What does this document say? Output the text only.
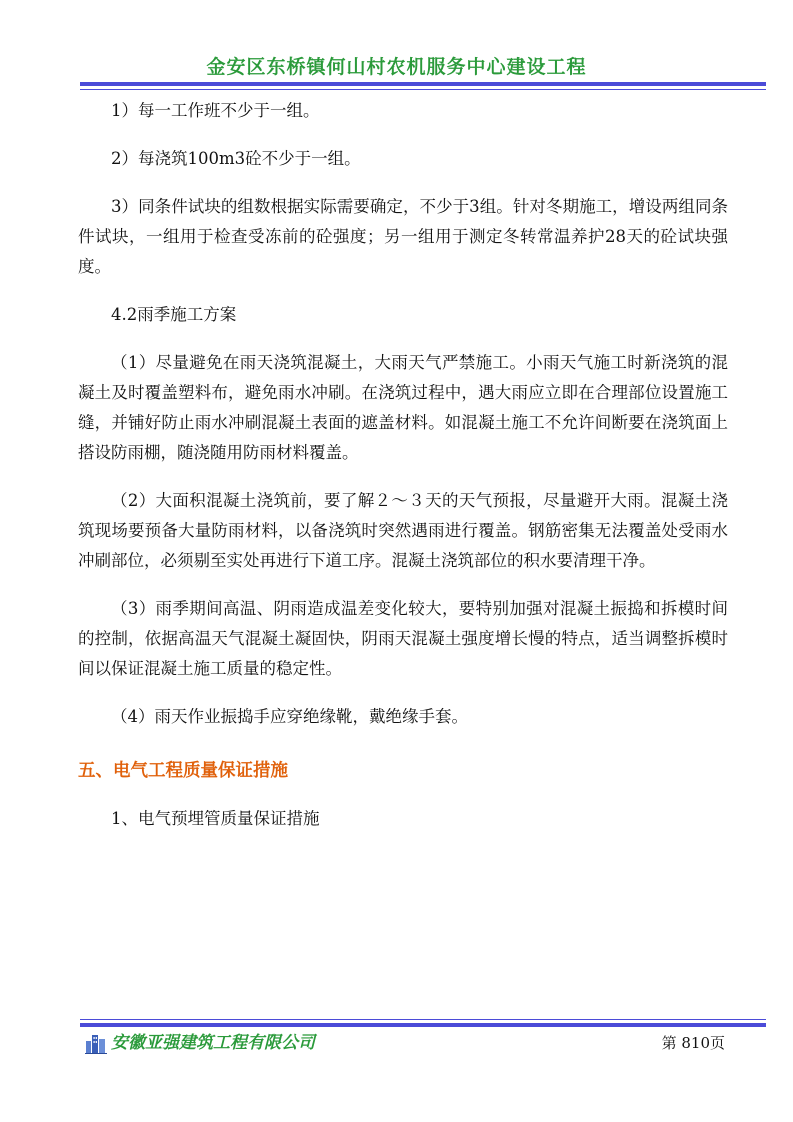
金安区东桥镇何山村农机服务中心建设工程

1）每一工作班不少于一组。

2）每浇筑100m3砼不少于一组。

3）同条件试块的组数根据实际需要确定，不少于3组。针对冬期施工，增设两组同条件试块，一组用于检查受冻前的砼强度；另一组用于测定冬转常温养护28天的砼试块强度。

4.2雨季施工方案

（1）尽量避免在雨天浇筑混凝土，大雨天气严禁施工。小雨天气施工时新浇筑的混凝土及时覆盖塑料布，避免雨水冲刷。在浇筑过程中，遇大雨应立即在合理部位设置施工缝，并铺好防止雨水冲刷混凝土表面的遮盖材料。如混凝土施工不允许间断要在浇筑面上搭设防雨棚，随浇随用防雨材料覆盖。

（2）大面积混凝土浇筑前，要了解２～３天的天气预报，尽量避开大雨。混凝土浇筑现场要预备大量防雨材料，以备浇筑时突然遇雨进行覆盖。钢筋密集无法覆盖处受雨水冲刷部位，必须剔至实处再进行下道工序。混凝土浇筑部位的积水要清理干净。

（3）雨季期间高温、阴雨造成温差变化较大，要特别加强对混凝土振捣和拆模时间的控制，依据高温天气混凝土凝固快，阴雨天混凝土强度增长慢的特点，适当调整拆模时间以保证混凝土施工质量的稳定性。

（4）雨天作业振捣手应穿绝缘靴，戴绝缘手套。

五、电气工程质量保证措施

1、电气预埋管质量保证措施

安徽亚强建筑工程有限公司	第 810页
